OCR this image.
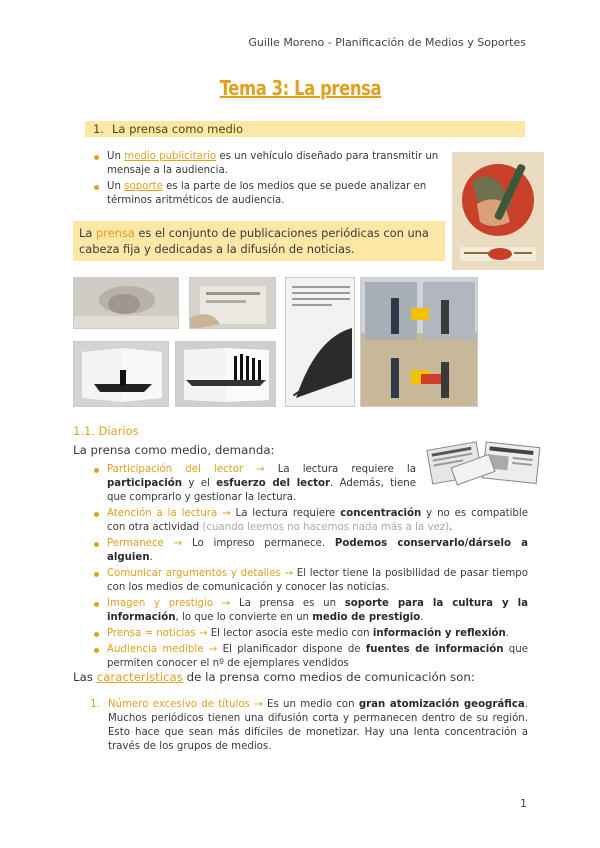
Guille Moreno - Planificación de Medios y Soportes
Tema 3: La prensa
1. La prensa como medio
Un medio publicitario es un vehículo diseñado para transmitir un mensaje a la audiencia.
Un soporte es la parte de los medios que se puede analizar en términos aritméticos de audiencia.
La prensa es el conjunto de publicaciones periódicas con una cabeza fija y dedicadas a la difusión de noticias.
1.1. Diarios
La prensa como medio, demanda:
Participación del lector → La lectura requiere la participación y el esfuerzo del lector. Además, tiene que comprarlo y gestionar la lectura.
Atención a la lectura → La lectura requiere concentración y no es compatible con otra actividad (cuando leemos no hacemos nada más a la vez).
Permanece → Lo impreso permanece. Podemos conservarlo/dárselo a alguien.
Comunicar argumentos y detalles → El lector tiene la posibilidad de pasar tiempo con los medios de comunicación y conocer las noticias.
Imagen y prestigio → La prensa es un soporte para la cultura y la información, lo que lo convierte en un medio de prestigio.
Prensa = noticias → El lector asocia este medio con información y reflexión.
Audiencia medible → El planificador dispone de fuentes de información que permiten conocer el nº de ejemplares vendidos
Las características de la prensa como medios de comunicación son:
1. Número excesivo de títulos → Es un medio con gran atomización geográfica. Muchos periódicos tienen una difusión corta y permanecen dentro de su región. Esto hace que sean más difíciles de monetizar. Hay una lenta concentración a través de los grupos de medios.
1
